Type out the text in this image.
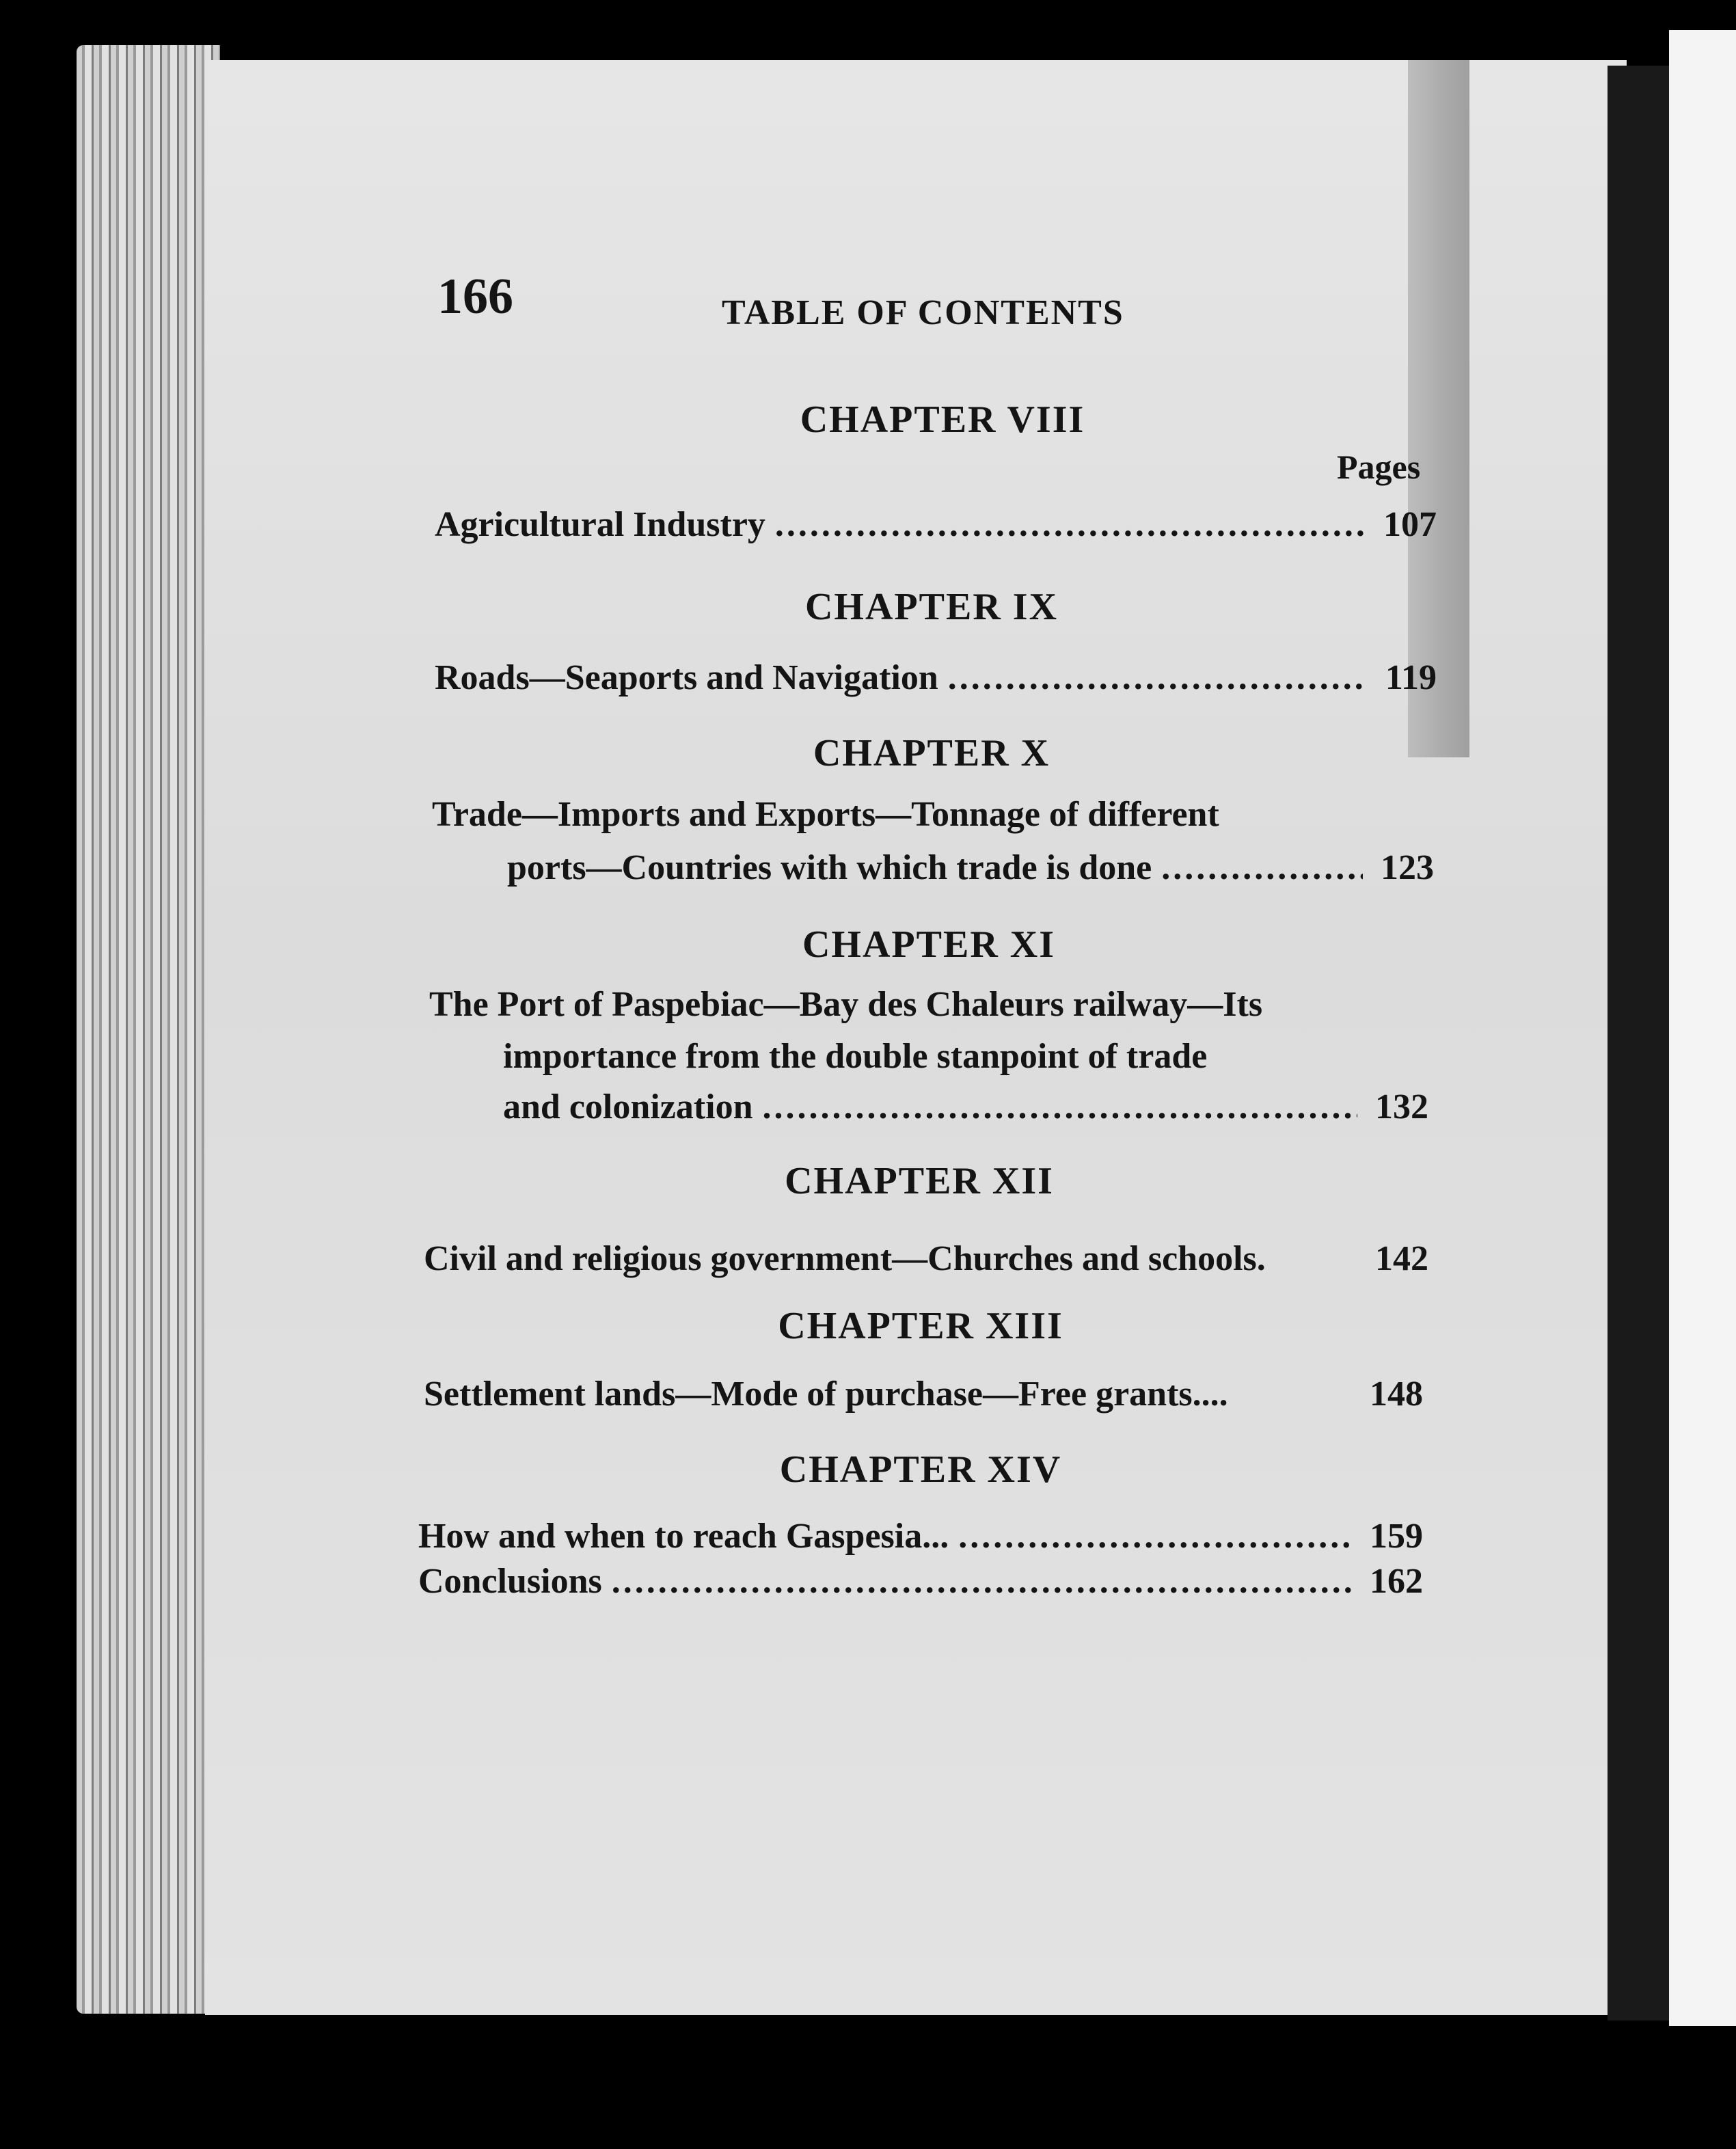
166	TABLE OF CONTENTS
CHAPTER VIII
Pages
Agricultural Industry .....	107
CHAPTER IX
Roads—Seaports and Navigation .....	119
CHAPTER X
Trade—Imports and Exports—Tonnage of different
ports—Countries with which trade is done .....	123
CHAPTER XI
The Port of Paspebiac—Bay des Chaleurs railway—Its
importance from the double stanpoint of trade
and colonization .....	132
CHAPTER XII
Civil and religious government—Churches and schools.	142
CHAPTER XIII
Settlement lands—Mode of purchase—Free grants....	148
CHAPTER XIV
How and when to reach Gaspesia... .....	159
Conclusions .....	162
